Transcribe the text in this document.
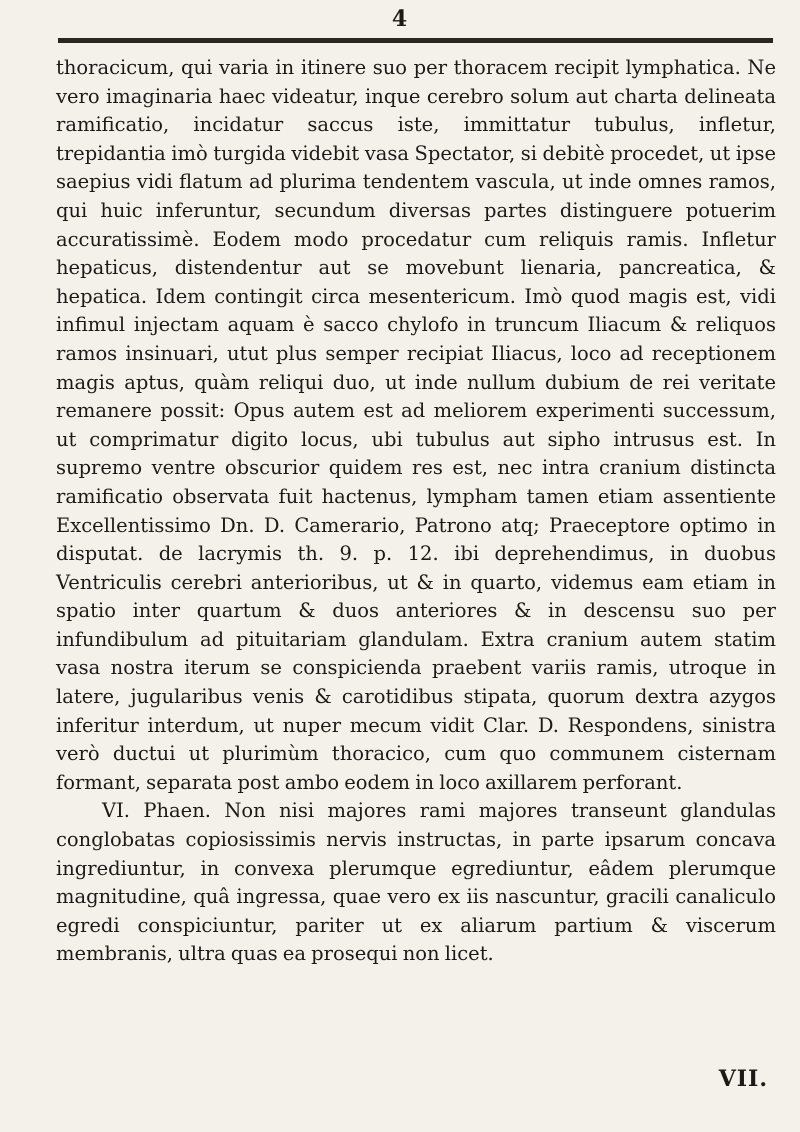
4

thoracicum, qui varia in itinere suo per thoracem recipit lymphatica. Ne vero imaginaria haec videatur, inque cerebro solum aut charta delineata ramificatio, incidatur saccus iste, immittatur tubulus, infletur, trepidantia imò turgida videbit vasa Spectator, si debitè procedet, ut ipse saepius vidi flatum ad plurima tendentem vascula, ut inde omnes ramos, qui huic inferuntur, secundum diversas partes distinguere potuerim accuratissimè. Eodem modo procedatur cum reliquis ramis. Infletur hepaticus, distendentur aut se movebunt lienaria, pancreatica, & hepatica. Idem contingit circa mesentericum. Imò quod magis est, vidi infimul injectam aquam è sacco chylofo in truncum Iliacum & reliquos ramos insinuari, utut plus semper recipiat Iliacus, loco ad receptionem magis aptus, quàm reliqui duo, ut inde nullum dubium de rei veritate remanere possit: Opus autem est ad meliorem experimenti successum, ut comprimatur digito locus, ubi tubulus aut sipho intrusus est. In supremo ventre obscurior quidem res est, nec intra cranium distincta ramificatio observata fuit hactenus, lympham tamen etiam assentiente Excellentissimo Dn. D. Camerario, Patrono atq; Praeceptore optimo in disputat. de lacrymis th. 9. p. 12. ibi deprehendimus, in duobus Ventriculis cerebri anterioribus, ut & in quarto, videmus eam etiam in spatio inter quartum & duos anteriores & in descensu suo per infundibulum ad pituitariam glandulam. Extra cranium autem statim vasa nostra iterum se conspicienda praebent variis ramis, utroque in latere, jugularibus venis & carotidibus stipata, quorum dextra azygos inferitur interdum, ut nuper mecum vidit Clar. D. Respondens, sinistra verò ductui ut plurimùm thoracico, cum quo communem cisternam formant, separata post ambo eodem in loco axillarem perforant.

VI. Phaen. Non nisi majores rami majores transeunt glandulas conglobatas copiosissimis nervis instructas, in parte ipsarum concava ingrediuntur, in convexa plerumque egrediuntur, eâdem plerumque magnitudine, quâ ingressa, quae vero ex iis nascuntur, gracili canaliculo egredi conspiciuntur, pariter ut ex aliarum partium & viscerum membranis, ultra quas ea prosequi non licet.

VII.
